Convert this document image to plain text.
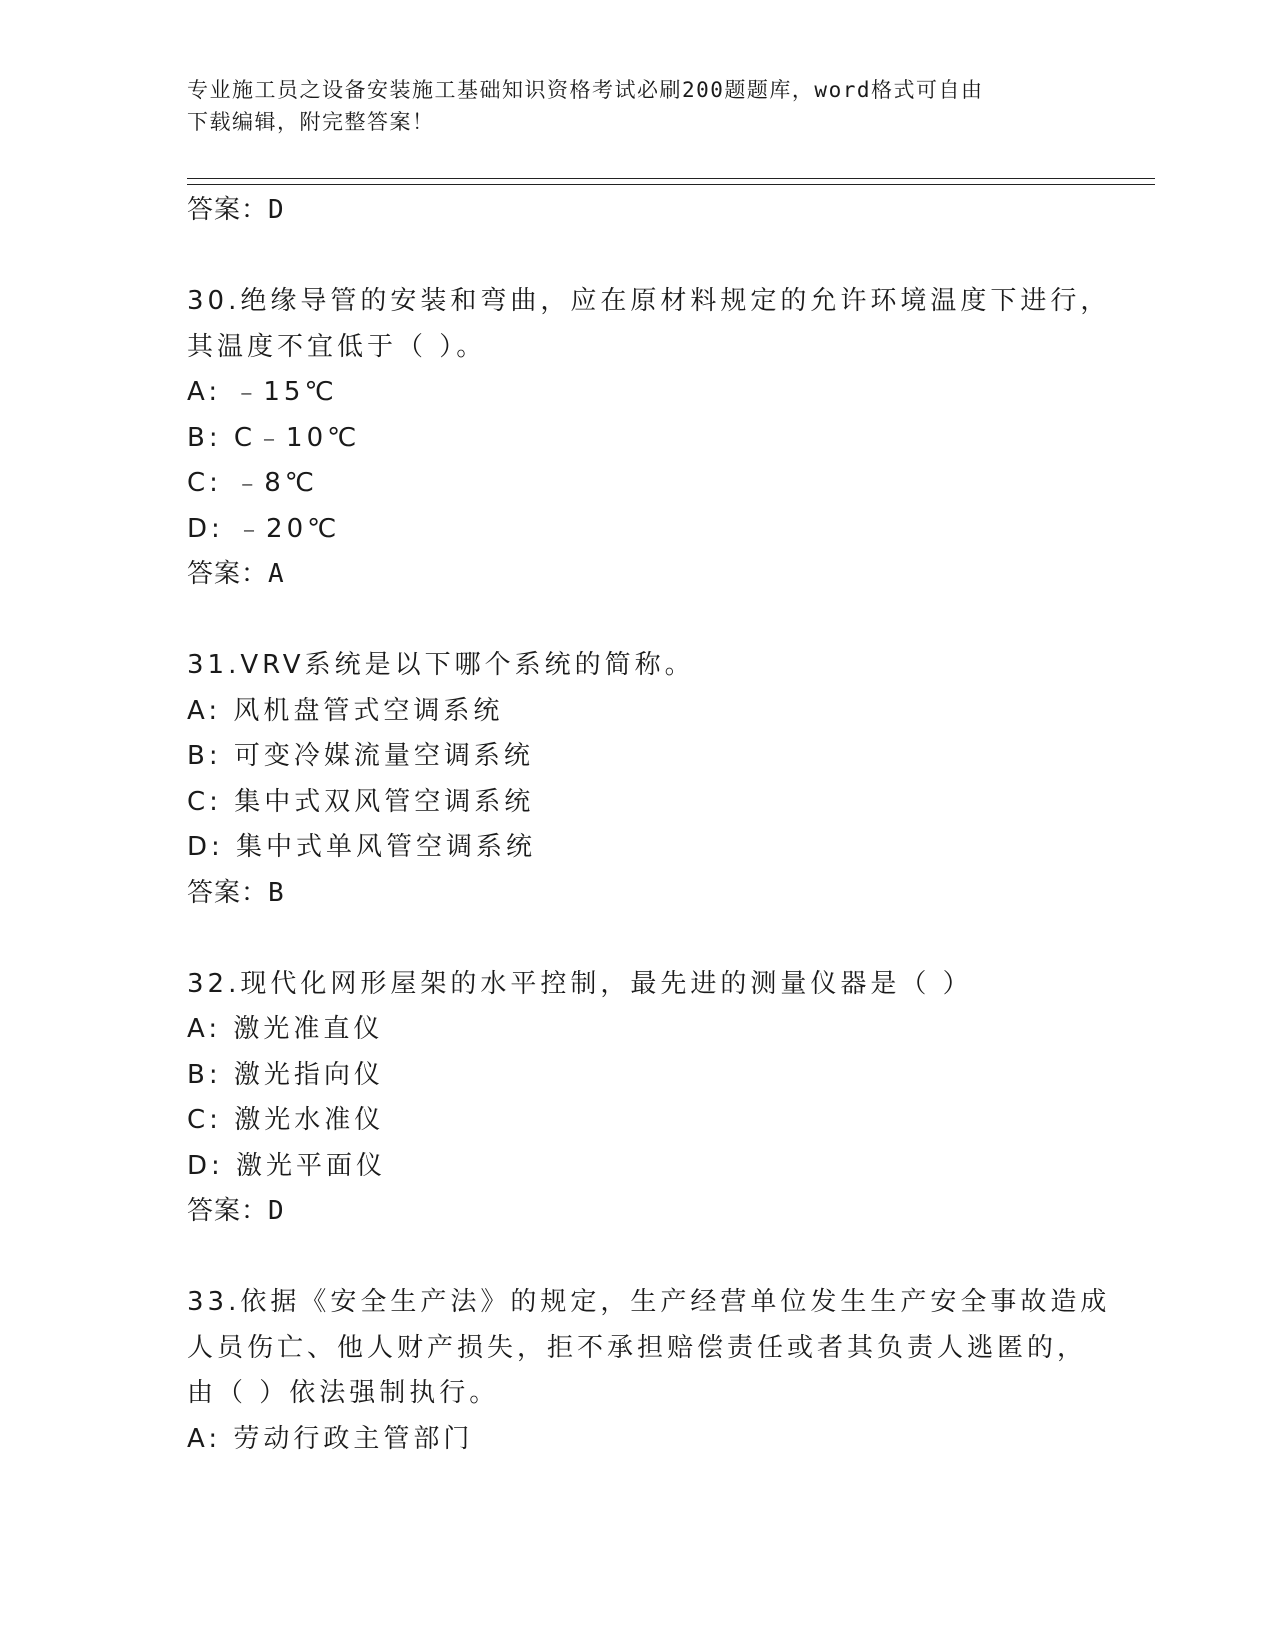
专业施工员之设备安装施工基础知识资格考试必刷200题题库，word格式可自由
下载编辑，附完整答案！
答案：D
30.绝缘导管的安装和弯曲，应在原材料规定的允许环境温度下进行，
其温度不宜低于（ ）。
A: ﹣15℃
B: C﹣10℃
C: ﹣8℃
D: ﹣20℃
答案：A
31.VRV系统是以下哪个系统的简称。
A: 风机盘管式空调系统
B: 可变冷媒流量空调系统
C: 集中式双风管空调系统
D: 集中式单风管空调系统
答案：B
32.现代化网形屋架的水平控制，最先进的测量仪器是（ ）
A: 激光准直仪
B: 激光指向仪
C: 激光水准仪
D: 激光平面仪
答案：D
33.依据《安全生产法》的规定，生产经营单位发生生产安全事故造成
人员伤亡、他人财产损失，拒不承担赔偿责任或者其负责人逃匿的，
由（ ）依法强制执行。
A: 劳动行政主管部门
